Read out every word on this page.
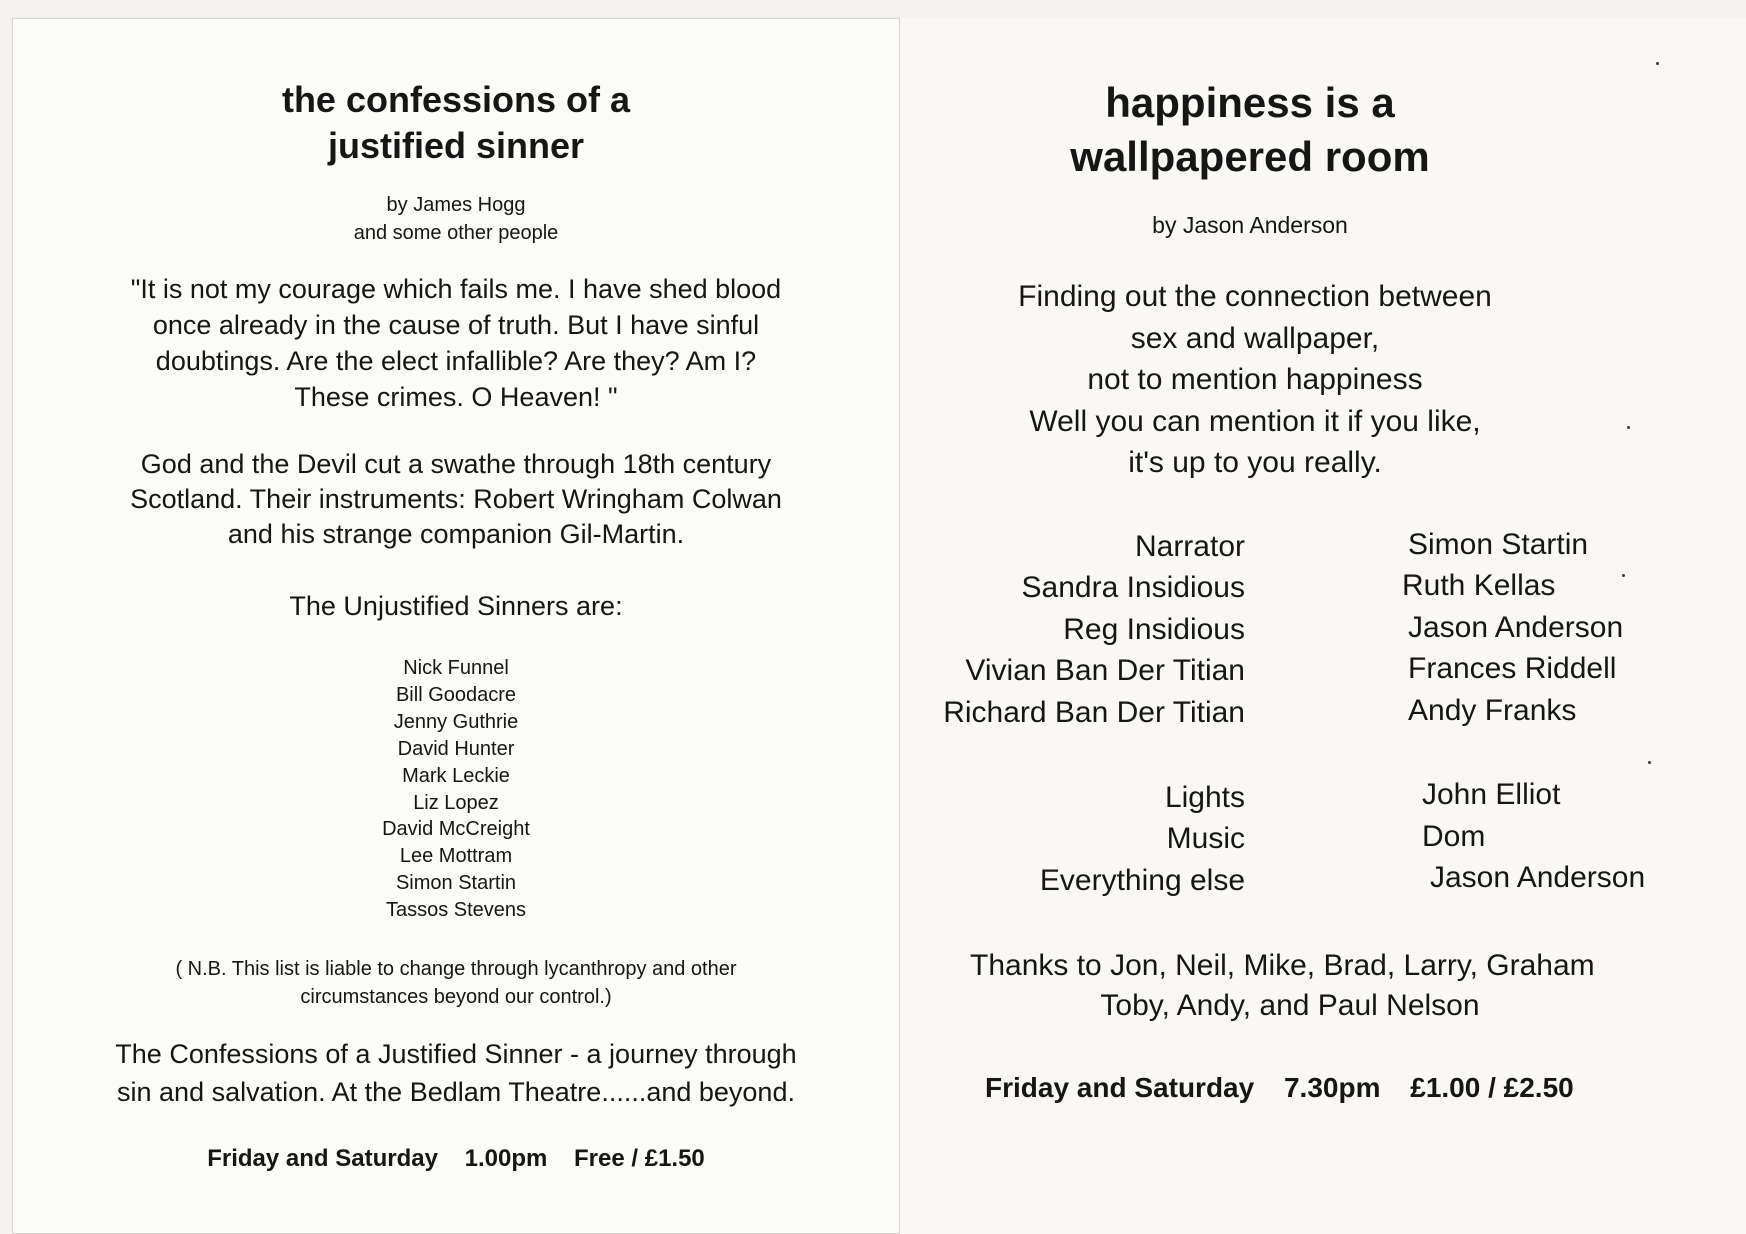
the confessions of a
justified sinner
by James Hogg
and some other people
"It is not my courage which fails me. I have shed blood
once already in the cause of truth. But I have sinful
doubtings. Are the elect infallible? Are they? Am I?
These crimes. O Heaven! "
God and the Devil cut a swathe through 18th century
Scotland. Their instruments: Robert Wringham Colwan
and his strange companion Gil-Martin.
The Unjustified Sinners are:
Nick Funnel
Bill Goodacre
Jenny Guthrie
David Hunter
Mark Leckie
Liz Lopez
David McCreight
Lee Mottram
Simon Startin
Tassos Stevens
( N.B. This list is liable to change through lycanthropy and other
circumstances beyond our control.)
The Confessions of a Justified Sinner - a journey through
sin and salvation. At the Bedlam Theatre......and beyond.
Friday and Saturday 1.00pm Free / £1.50
happiness is a
wallpapered room
by Jason Anderson
Finding out the connection between
sex and wallpaper,
not to mention happiness
Well you can mention it if you like,
it's up to you really.
Narrator	Simon Startin
Sandra Insidious	Ruth Kellas
Reg Insidious	Jason Anderson
Vivian Ban Der Titian	Frances Riddell
Richard Ban Der Titian	Andy Franks
Lights	John Elliot
Music	Dom
Everything else	Jason Anderson
Thanks to Jon, Neil, Mike, Brad, Larry, Graham
Toby, Andy, and Paul Nelson
Friday and Saturday 7.30pm £1.00 / £2.50
